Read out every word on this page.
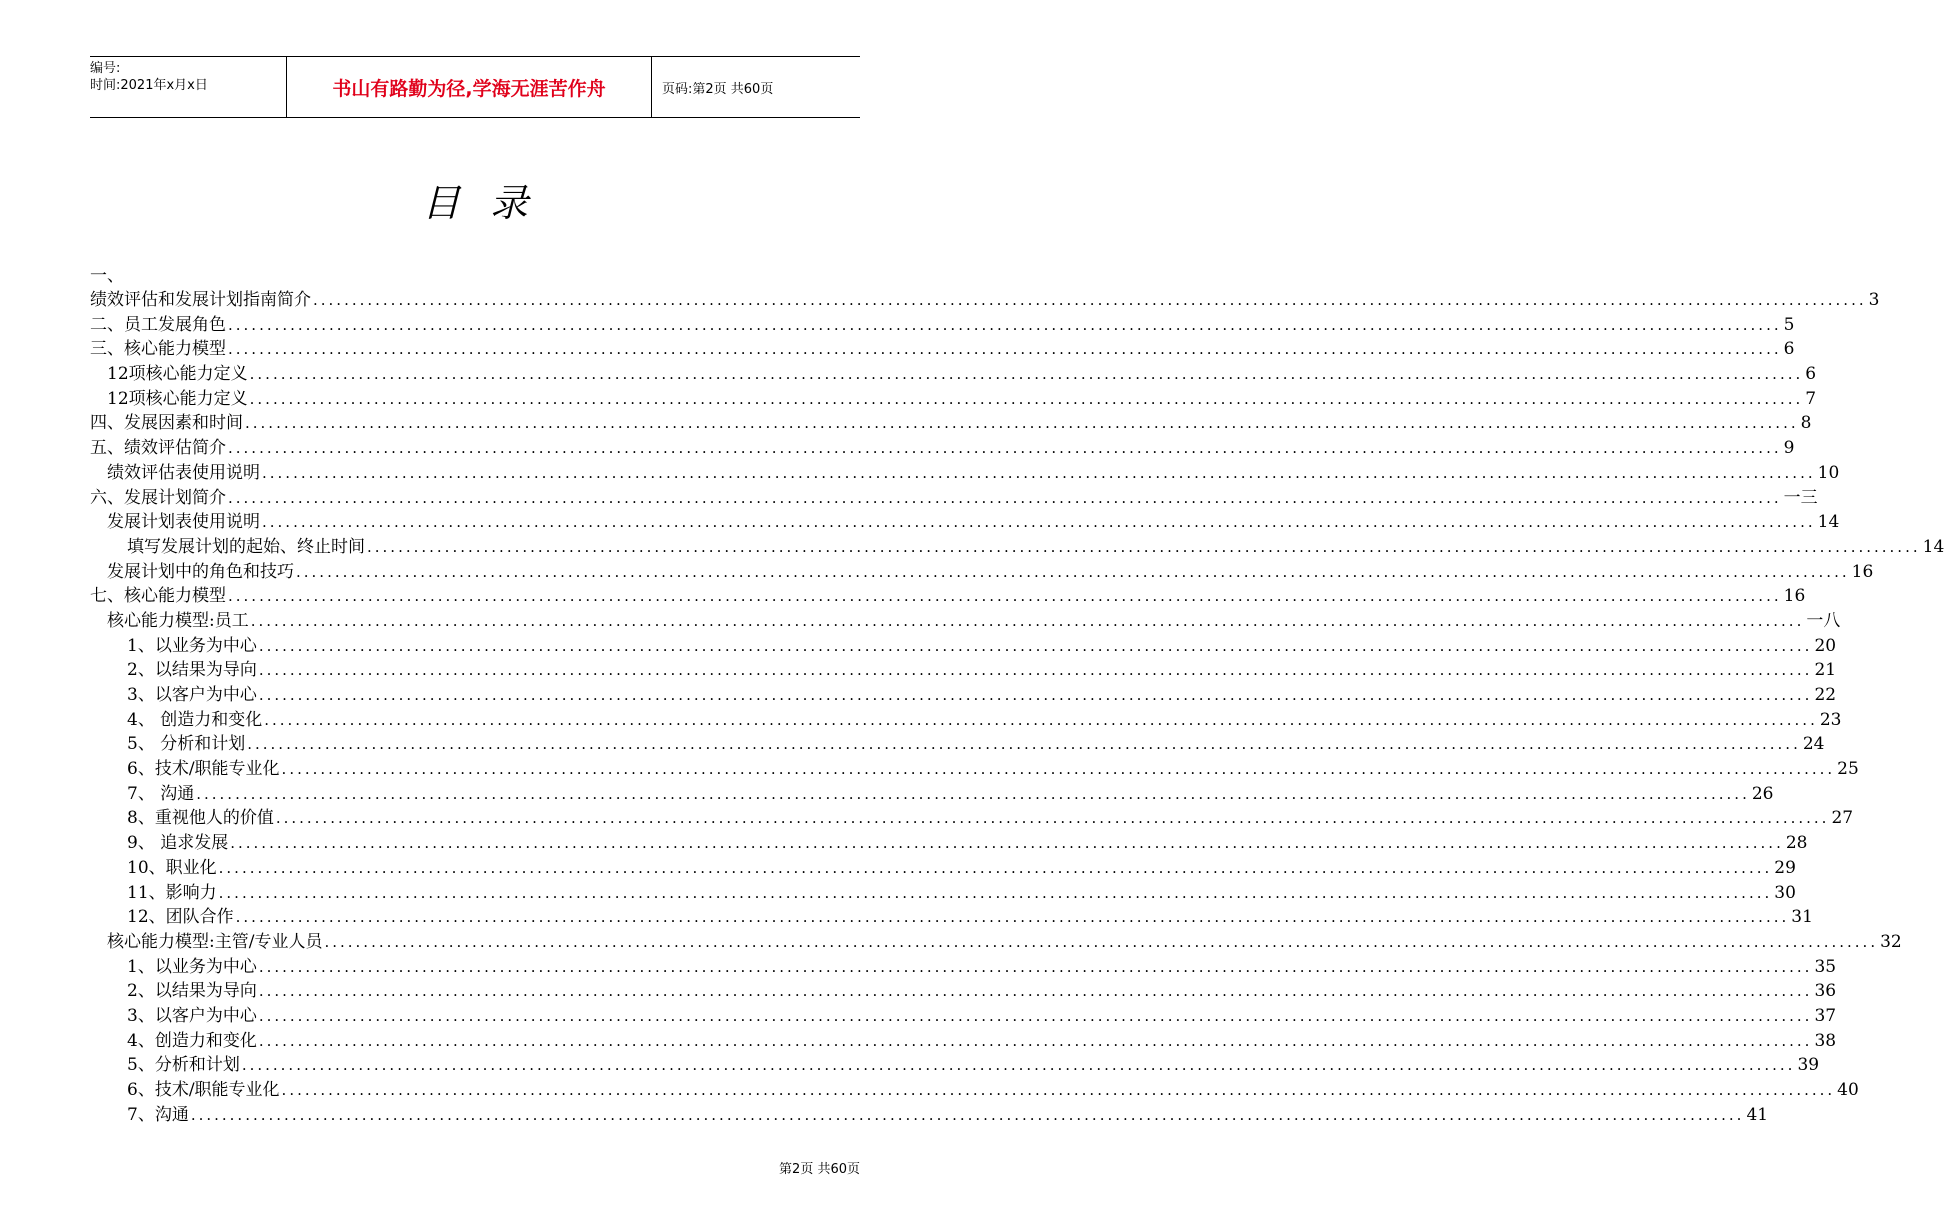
编号:
时间:2021年x月x日	书山有路勤为径,学海无涯苦作舟	页码:第2页 共60页
目录
一、
绩效评估和发展计划指南简介 ........................................................................................................................................................................................................ 3
二、员工发展角色 ........................................................................................................................................................................................................ 5
三、核心能力模型 ........................................................................................................................................................................................................ 6
12项核心能力定义 ........................................................................................................................................................................................................ 6
12项核心能力定义 ........................................................................................................................................................................................................ 7
四、发展因素和时间 ........................................................................................................................................................................................................ 8
五、绩效评估简介 ........................................................................................................................................................................................................ 9
绩效评估表使用说明 ........................................................................................................................................................................................................ 10
六、发展计划简介 ........................................................................................................................................................................................................ 一三
发展计划表使用说明 ........................................................................................................................................................................................................ 14
填写发展计划的起始、终止时间 ........................................................................................................................................................................................................ 14
发展计划中的角色和技巧 ........................................................................................................................................................................................................ 16
七、核心能力模型 ........................................................................................................................................................................................................ 16
核心能力模型:员工 ........................................................................................................................................................................................................ 一八
1、以业务为中心 ........................................................................................................................................................................................................ 20
2、以结果为导向 ........................................................................................................................................................................................................ 21
3、以客户为中心 ........................................................................................................................................................................................................ 22
4、 创造力和变化 ........................................................................................................................................................................................................ 23
5、 分析和计划 ........................................................................................................................................................................................................ 24
6、技术/职能专业化 ........................................................................................................................................................................................................ 25
7、 沟通 ........................................................................................................................................................................................................ 26
8、重视他人的价值 ........................................................................................................................................................................................................ 27
9、 追求发展 ........................................................................................................................................................................................................ 28
10、职业化 ........................................................................................................................................................................................................ 29
11、影响力 ........................................................................................................................................................................................................ 30
12、团队合作 ........................................................................................................................................................................................................ 31
核心能力模型:主管/专业人员 ........................................................................................................................................................................................................ 32
1、以业务为中心 ........................................................................................................................................................................................................ 35
2、以结果为导向 ........................................................................................................................................................................................................ 36
3、以客户为中心 ........................................................................................................................................................................................................ 37
4、创造力和变化 ........................................................................................................................................................................................................ 38
5、分析和计划 ........................................................................................................................................................................................................ 39
6、技术/职能专业化 ........................................................................................................................................................................................................ 40
7、沟通 ........................................................................................................................................................................................................ 41
第2页 共60页
